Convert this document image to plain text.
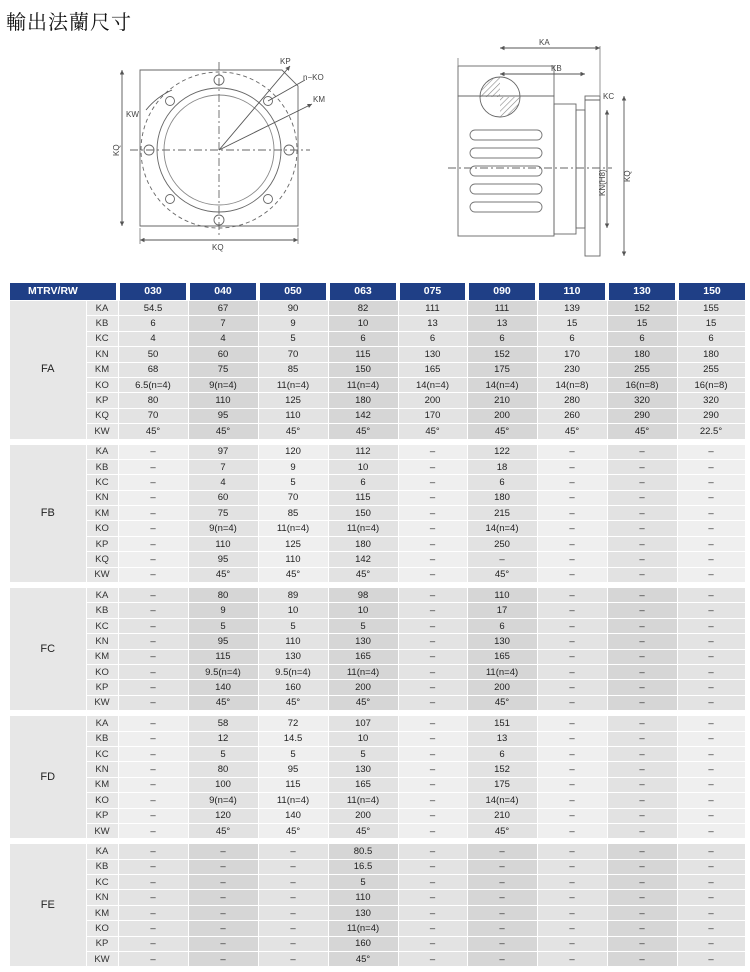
輸出法蘭尺寸
KP
n−KO
KM
KW
KQ
KQ
KA
KB
KC
KN(H8) KQ
MTRV/RW		030	040	050	063	075	090	110	130	150
FA	KA	54.5	67	90	82	111	111	139	152	155
	KB	6	7	9	10	13	13	15	15	15
	KC	4	4	5	6	6	6	6	6	6
	KN	50	60	70	115	130	152	170	180	180
	KM	68	75	85	150	165	175	230	255	255
	KO	6.5(n=4)	9(n=4)	11(n=4)	11(n=4)	14(n=4)	14(n=4)	14(n=8)	16(n=8)	16(n=8)
	KP	80	110	125	180	200	210	280	320	320
	KQ	70	95	110	142	170	200	260	290	290
	KW	45°	45°	45°	45°	45°	45°	45°	45°	22.5°
FB	KA	–	97	120	112	–	122	–	–	–
	KB	–	7	9	10	–	18	–	–	–
	KC	–	4	5	6	–	6	–	–	–
	KN	–	60	70	115	–	180	–	–	–
	KM	–	75	85	150	–	215	–	–	–
	KO	–	9(n=4)	11(n=4)	11(n=4)	–	14(n=4)	–	–	–
	KP	–	110	125	180	–	250	–	–	–
	KQ	–	95	110	142	–	–	–	–	–
	KW	–	45°	45°	45°	–	45°	–	–	–
FC	KA	–	80	89	98	–	110	–	–	–
	KB	–	9	10	10	–	17	–	–	–
	KC	–	5	5	5	–	6	–	–	–
	KN	–	95	110	130	–	130	–	–	–
	KM	–	115	130	165	–	165	–	–	–
	KO	–	9.5(n=4)	9.5(n=4)	11(n=4)	–	11(n=4)	–	–	–
	KP	–	140	160	200	–	200	–	–	–
	KW	–	45°	45°	45°	–	45°	–	–	–
FD	KA	–	58	72	107	–	151	–	–	–
	KB	–	12	14.5	10	–	13	–	–	–
	KC	–	5	5	5	–	6	–	–	–
	KN	–	80	95	130	–	152	–	–	–
	KM	–	100	115	165	–	175	–	–	–
	KO	–	9(n=4)	11(n=4)	11(n=4)	–	14(n=4)	–	–	–
	KP	–	120	140	200	–	210	–	–	–
	KW	–	45°	45°	45°	–	45°	–	–	–
FE	KA	–	–	–	80.5	–	–	–	–	–
	KB	–	–	–	16.5	–	–	–	–	–
	KC	–	–	–	5	–	–	–	–	–
	KN	–	–	–	110	–	–	–	–	–
	KM	–	–	–	130	–	–	–	–	–
	KO	–	–	–	11(n=4)	–	–	–	–	–
	KP	–	–	–	160	–	–	–	–	–
	KW	–	–	–	45°	–	–	–	–	–
